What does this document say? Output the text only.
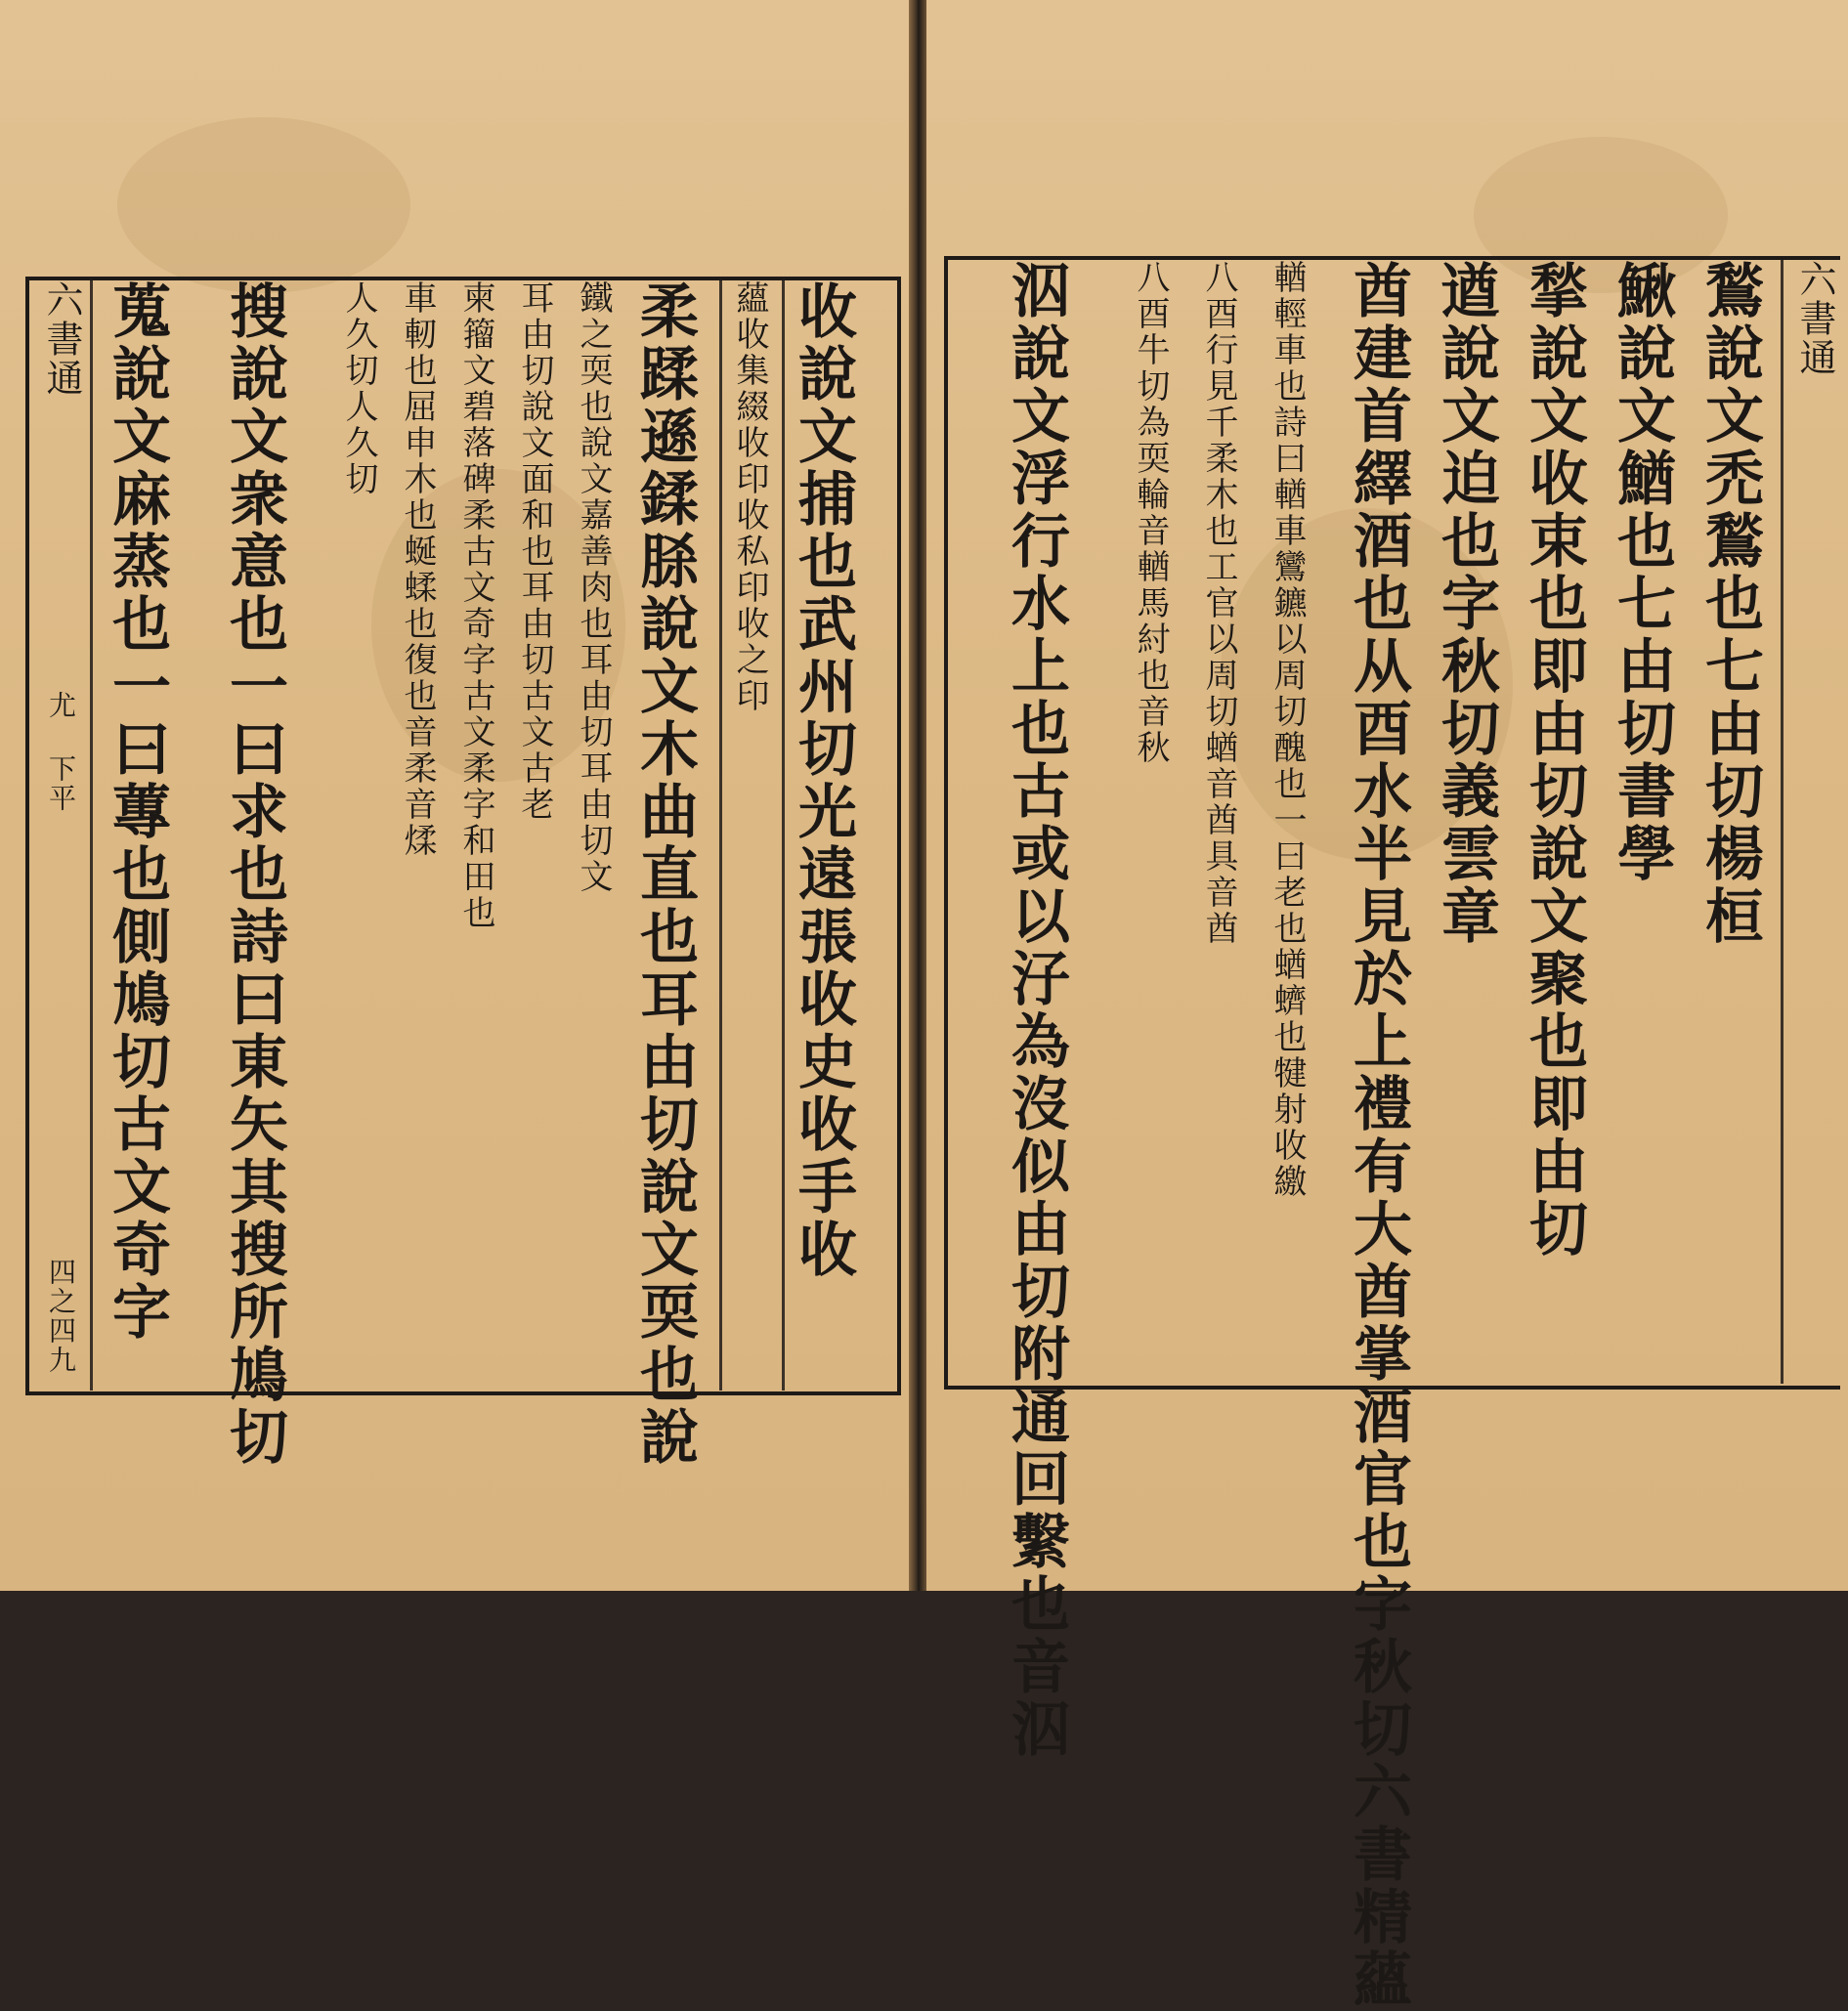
收說文捕也武州切光遠張收史收手收
蘊收集綴收印收私印收之印
柔蹂遜鍒脎說文木曲直也耳由切說文耎也說
鐵之耎也說文嘉善肉也耳由切耳由切文
耳由切說文面和也耳由切古文古老
柬籀文碧落碑柔古文奇字古文柔字和田也
車軔也屈申木也蜒蝚也復也音柔音煣
人久切人久切
搜說文衆意也一曰求也詩曰東矢其搜所鳩切
蒐說文麻蒸也一曰蓴也側鳩切古文奇字
六書通
尤 下平
四之四九
六書通
鶖說文禿鶖也七由切楊桓
鰍說文鰌也七由切書學
揫說文收束也即由切說文聚也即由切
遒說文迫也字秋切義雲章
酋建首繹酒也从酉水半見於上禮有大酋掌酒官也字秋切六書精蘊
輶輕車也詩曰輶車鸞鑣以周切醜也一曰老也蝤蠐也犍射收繳
八酉行見千柔木也工官以周切蝤音酋具音酋
八酉牛切為耎輪音輶馬紂也音秋
泅說文浮行水上也古或以汓為沒似由切附通回繫也音泅
